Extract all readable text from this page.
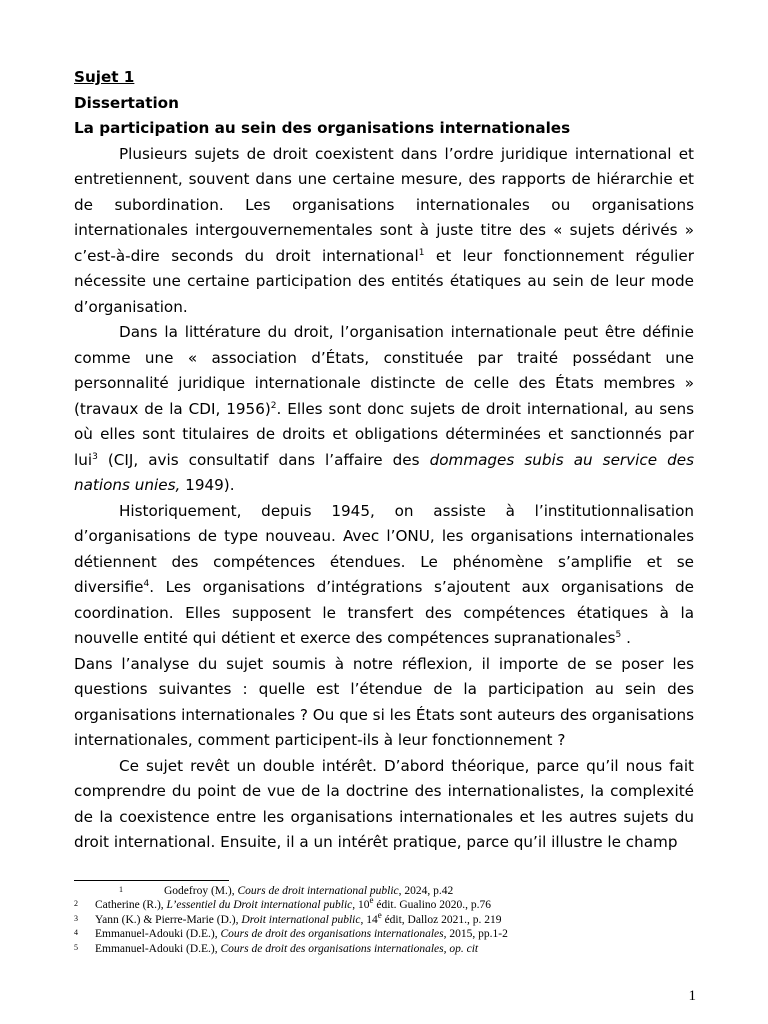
Sujet 1

Dissertation

La participation au sein des organisations internationales

Plusieurs sujets de droit coexistent dans l’ordre juridique international et entretiennent, souvent dans une certaine mesure, des rapports de hiérarchie et de subordination. Les organisations internationales ou organisations internationales intergouvernementales sont à juste titre des « sujets dérivés » c’est-à-dire seconds du droit international$^1$ et leur fonctionnement régulier nécessite une certaine participation des entités étatiques au sein de leur mode d’organisation.

Dans la littérature du droit, l’organisation internationale peut être définie comme une « association d’États, constituée par traité possédant une personnalité juridique internationale distincte de celle des États membres » (travaux de la CDI, 1956)$^2$. Elles sont donc sujets de droit international, au sens où elles sont titulaires de droits et obligations déterminées et sanctionnés par lui$^3$ (CIJ, avis consultatif dans l’affaire des dommages subis au service des nations unies, 1949).

Historiquement, depuis 1945, on assiste à l’institutionnalisation d’organisations de type nouveau. Avec l’ONU, les organisations internationales détiennent des compétences étendues. Le phénomène s’amplifie et se diversifie$^4$. Les organisations d’intégrations s’ajoutent aux organisations de coordination. Elles supposent le transfert des compétences étatiques à la nouvelle entité qui détient et exerce des compétences supranationales$^5$ .

Dans l’analyse du sujet soumis à notre réflexion, il importe de se poser les questions suivantes : quelle est l’étendue de la participation au sein des organisations internationales ? Ou que si les États sont auteurs des organisations internationales, comment participent-ils à leur fonctionnement ?

Ce sujet revêt un double intérêt. D’abord théorique, parce qu’il nous fait comprendre du point de vue de la doctrine des internationalistes, la complexité de la coexistence entre les organisations internationales et les autres sujets du droit international. Ensuite, il a un intérêt pratique, parce qu’il illustre le champ

1	Godefroy (M.), Cours de droit international public, 2024, p.42
2 Catherine (R.), L’essentiel du Droit international public, 10e édit. Gualino 2020., p.76
3 Yann (K.) & Pierre-Marie (D.), Droit international public, 14e édit, Dalloz 2021., p. 219
4 Emmanuel-Adouki (D.E.), Cours de droit des organisations internationales, 2015, pp.1-2
5 Emmanuel-Adouki (D.E.), Cours de droit des organisations internationales, op. cit
1
